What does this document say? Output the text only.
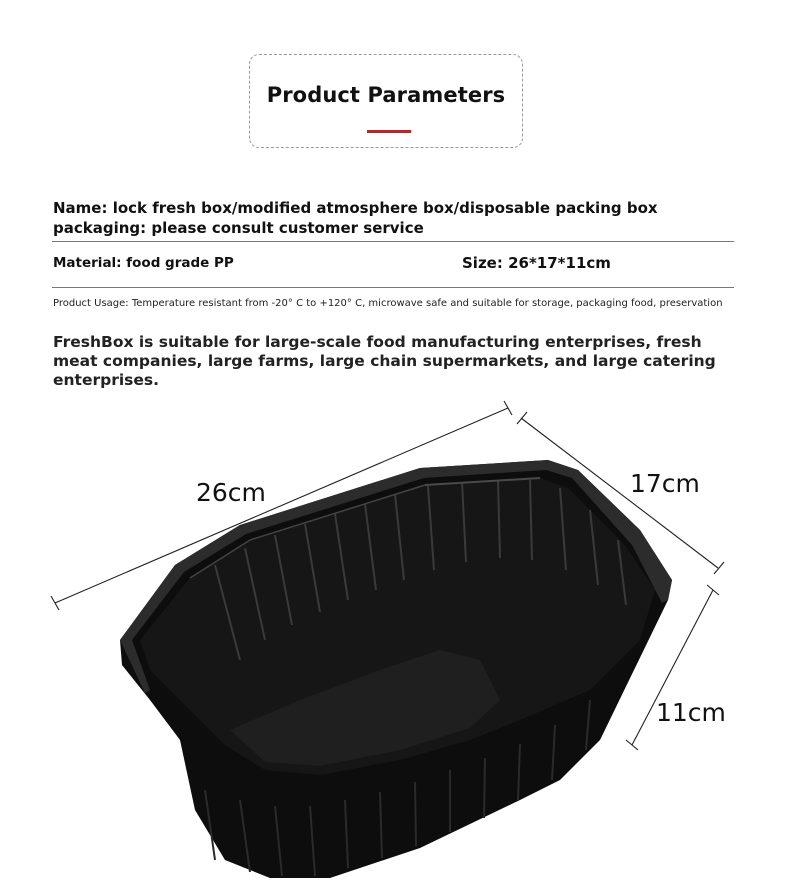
Product Parameters
Name: lock fresh box/modified atmosphere box/disposable packing box
packaging: please consult customer service
Material: food grade PP	Size: 26*17*11cm
Product Usage: Temperature resistant from -20° C to +120° C, microwave safe and suitable for storage, packaging food, preservation
FreshBox is suitable for large-scale food manufacturing enterprises, fresh meat companies, large farms, large chain supermarkets, and large catering enterprises.
26cm	17cm
11cm
